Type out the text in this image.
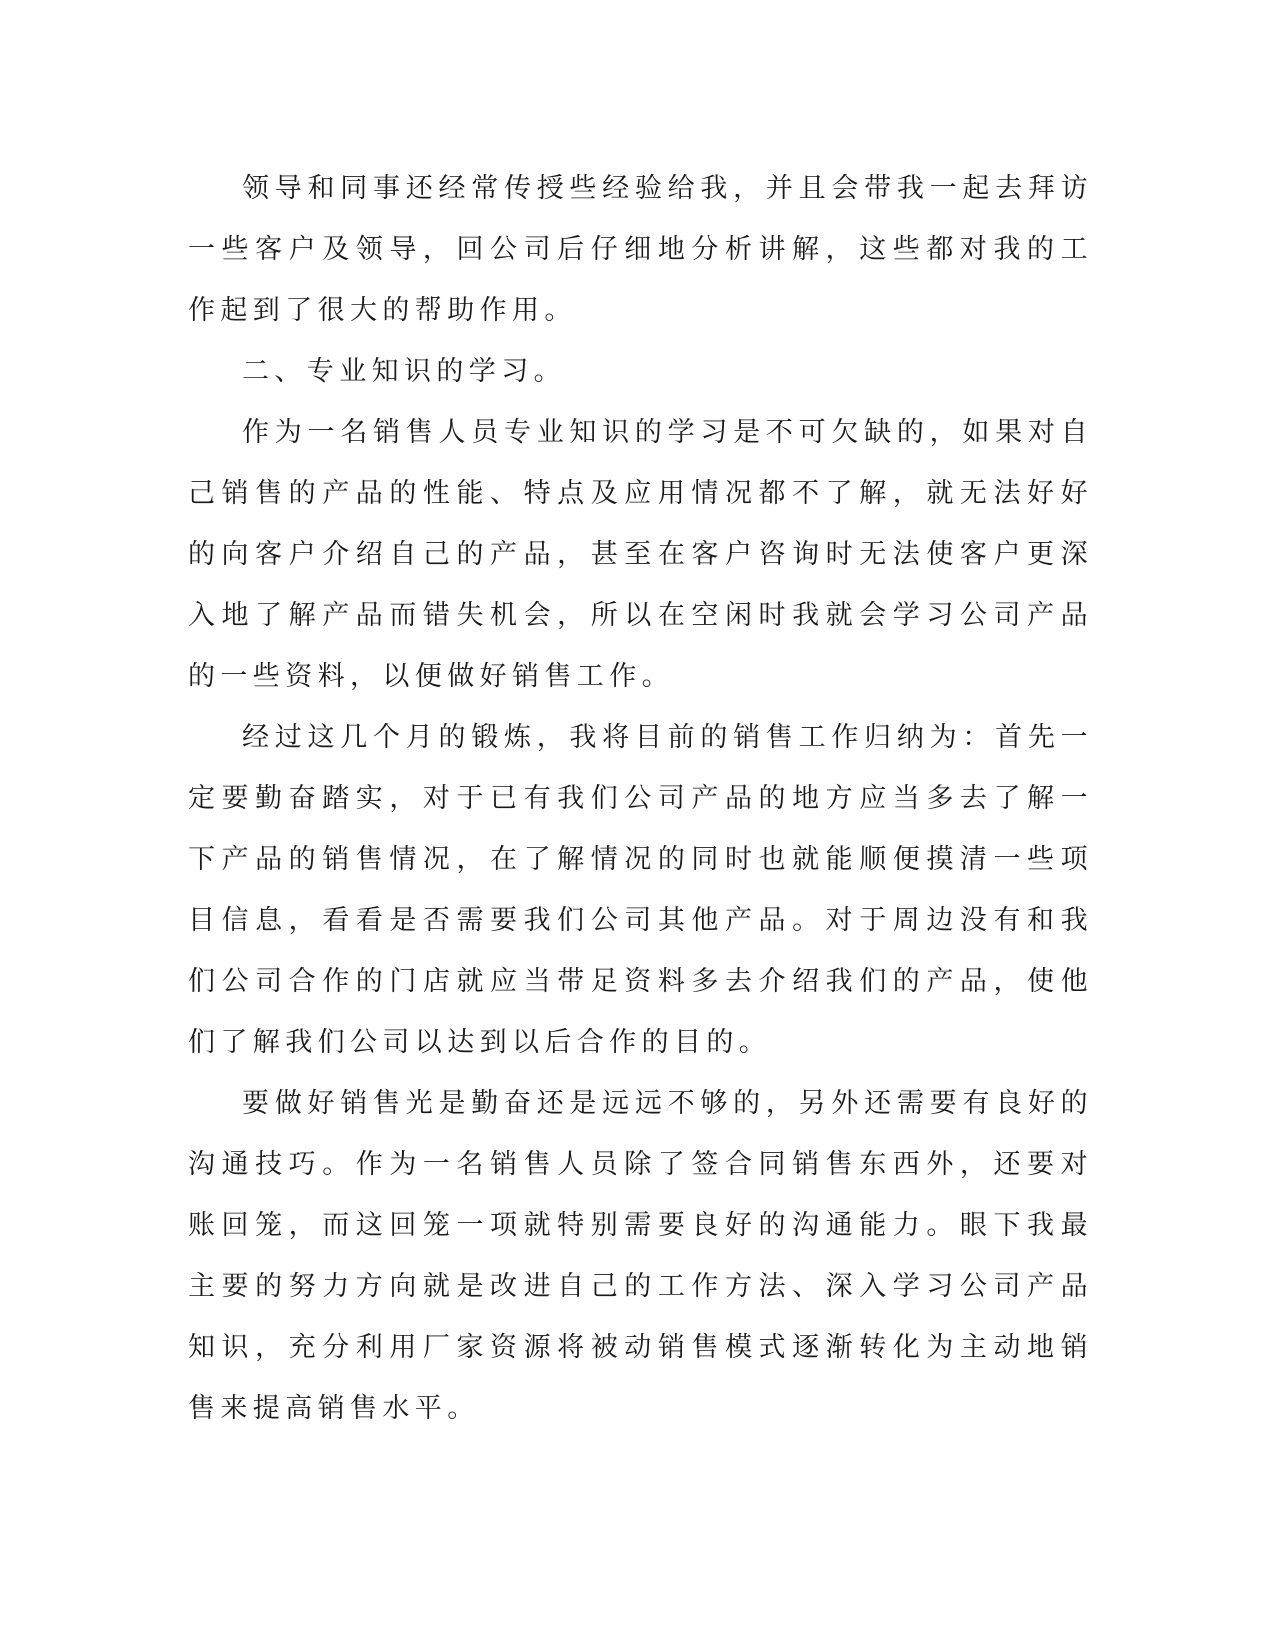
领导和同事还经常传授些经验给我，并且会带我一起去拜访一些客户及领导，回公司后仔细地分析讲解，这些都对我的工作起到了很大的帮助作用。

二、专业知识的学习。

作为一名销售人员专业知识的学习是不可欠缺的，如果对自己销售的产品的性能、特点及应用情况都不了解，就无法好好的向客户介绍自己的产品，甚至在客户咨询时无法使客户更深入地了解产品而错失机会，所以在空闲时我就会学习公司产品的一些资料，以便做好销售工作。

经过这几个月的锻炼，我将目前的销售工作归纳为：首先一定要勤奋踏实，对于已有我们公司产品的地方应当多去了解一下产品的销售情况，在了解情况的同时也就能顺便摸清一些项目信息，看看是否需要我们公司其他产品。对于周边没有和我们公司合作的门店就应当带足资料多去介绍我们的产品，使他们了解我们公司以达到以后合作的目的。

要做好销售光是勤奋还是远远不够的，另外还需要有良好的沟通技巧。作为一名销售人员除了签合同销售东西外，还要对账回笼，而这回笼一项就特别需要良好的沟通能力。眼下我最主要的努力方向就是改进自己的工作方法、深入学习公司产品知识，充分利用厂家资源将被动销售模式逐渐转化为主动地销售来提高销售水平。
